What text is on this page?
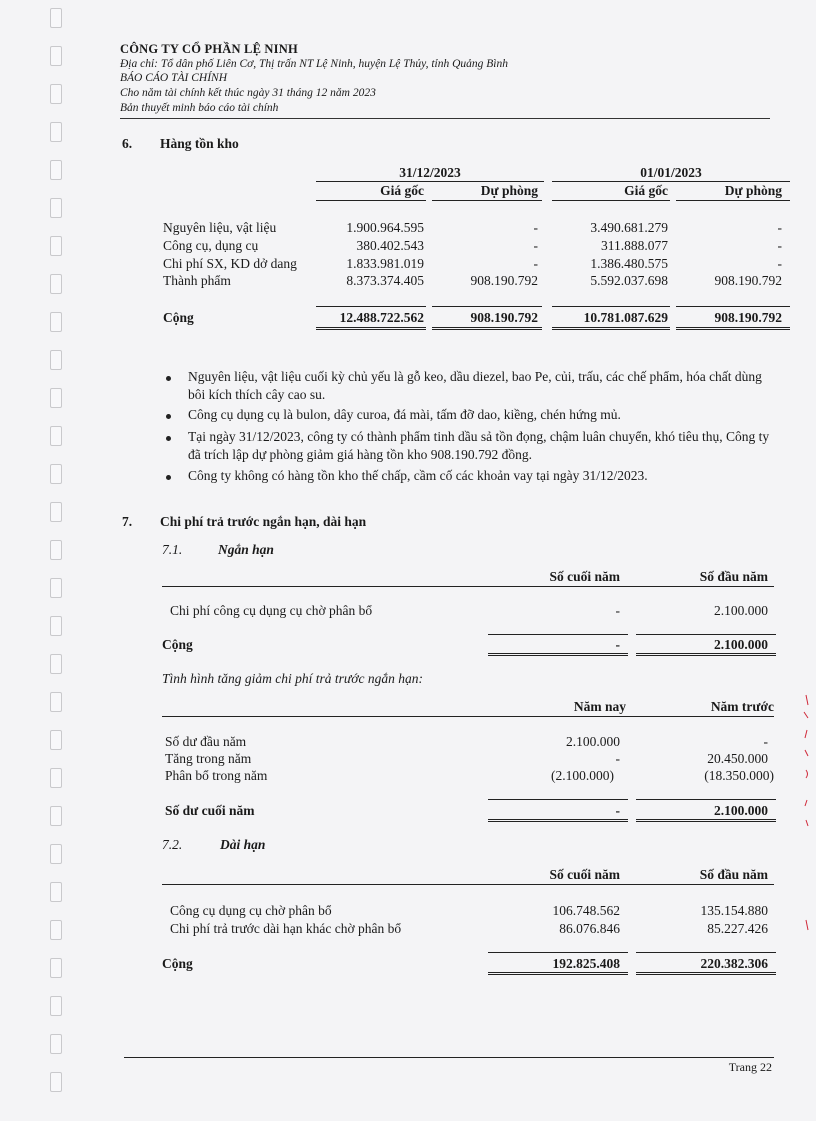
CÔNG TY CỔ PHẦN LỆ NINH
Địa chỉ: Tổ dân phố Liên Cơ, Thị trấn NT Lệ Ninh, huyện Lệ Thủy, tỉnh Quảng Bình
BÁO CÁO TÀI CHÍNH
Cho năm tài chính kết thúc ngày 31 tháng 12 năm 2023
Bản thuyết minh báo cáo tài chính
6. Hàng tồn kho
31/12/2023	01/01/2023
Giá gốc	Dự phòng	Giá gốc	Dự phòng
Nguyên liệu, vật liệu	1.900.964.595	-	3.490.681.279	-
Công cụ, dụng cụ	380.402.543	-	311.888.077	-
Chi phí SX, KD dở dang	1.833.981.019	-	1.386.480.575	-
Thành phẩm	8.373.374.405	908.190.792	5.592.037.698	908.190.792
Cộng	12.488.722.562	908.190.792	10.781.087.629	908.190.792
Nguyên liệu, vật liệu cuối kỳ chủ yếu là gỗ keo, dầu diezel, bao Pe, củi, trấu, các chế phẩm, hóa chất dùng bôi kích thích cây cao su.
Công cụ dụng cụ là bulon, dây curoa, đá mài, tấm đỡ dao, kiềng, chén hứng mủ.
Tại ngày 31/12/2023, công ty có thành phẩm tinh dầu sả tồn đọng, chậm luân chuyển, khó tiêu thụ, Công ty đã trích lập dự phòng giảm giá hàng tồn kho 908.190.792 đồng.
Công ty không có hàng tồn kho thế chấp, cầm cố các khoản vay tại ngày 31/12/2023.
7. Chi phí trả trước ngắn hạn, dài hạn
7.1.	Ngắn hạn
Số cuối năm	Số đầu năm
Chi phí công cụ dụng cụ chờ phân bổ	-	2.100.000
Cộng	-	2.100.000
Tình hình tăng giảm chi phí trả trước ngắn hạn:
Năm nay	Năm trước
Số dư đầu năm	2.100.000	-
Tăng trong năm	-	20.450.000
Phân bổ trong năm	(2.100.000)	(18.350.000)
Số dư cuối năm	-	2.100.000
7.2.	Dài hạn
Số cuối năm	Số đầu năm
Công cụ dụng cụ chờ phân bổ	106.748.562	135.154.880
Chi phí trả trước dài hạn khác chờ phân bổ	86.076.846	85.227.426
Cộng	192.825.408	220.382.306
Trang 22
